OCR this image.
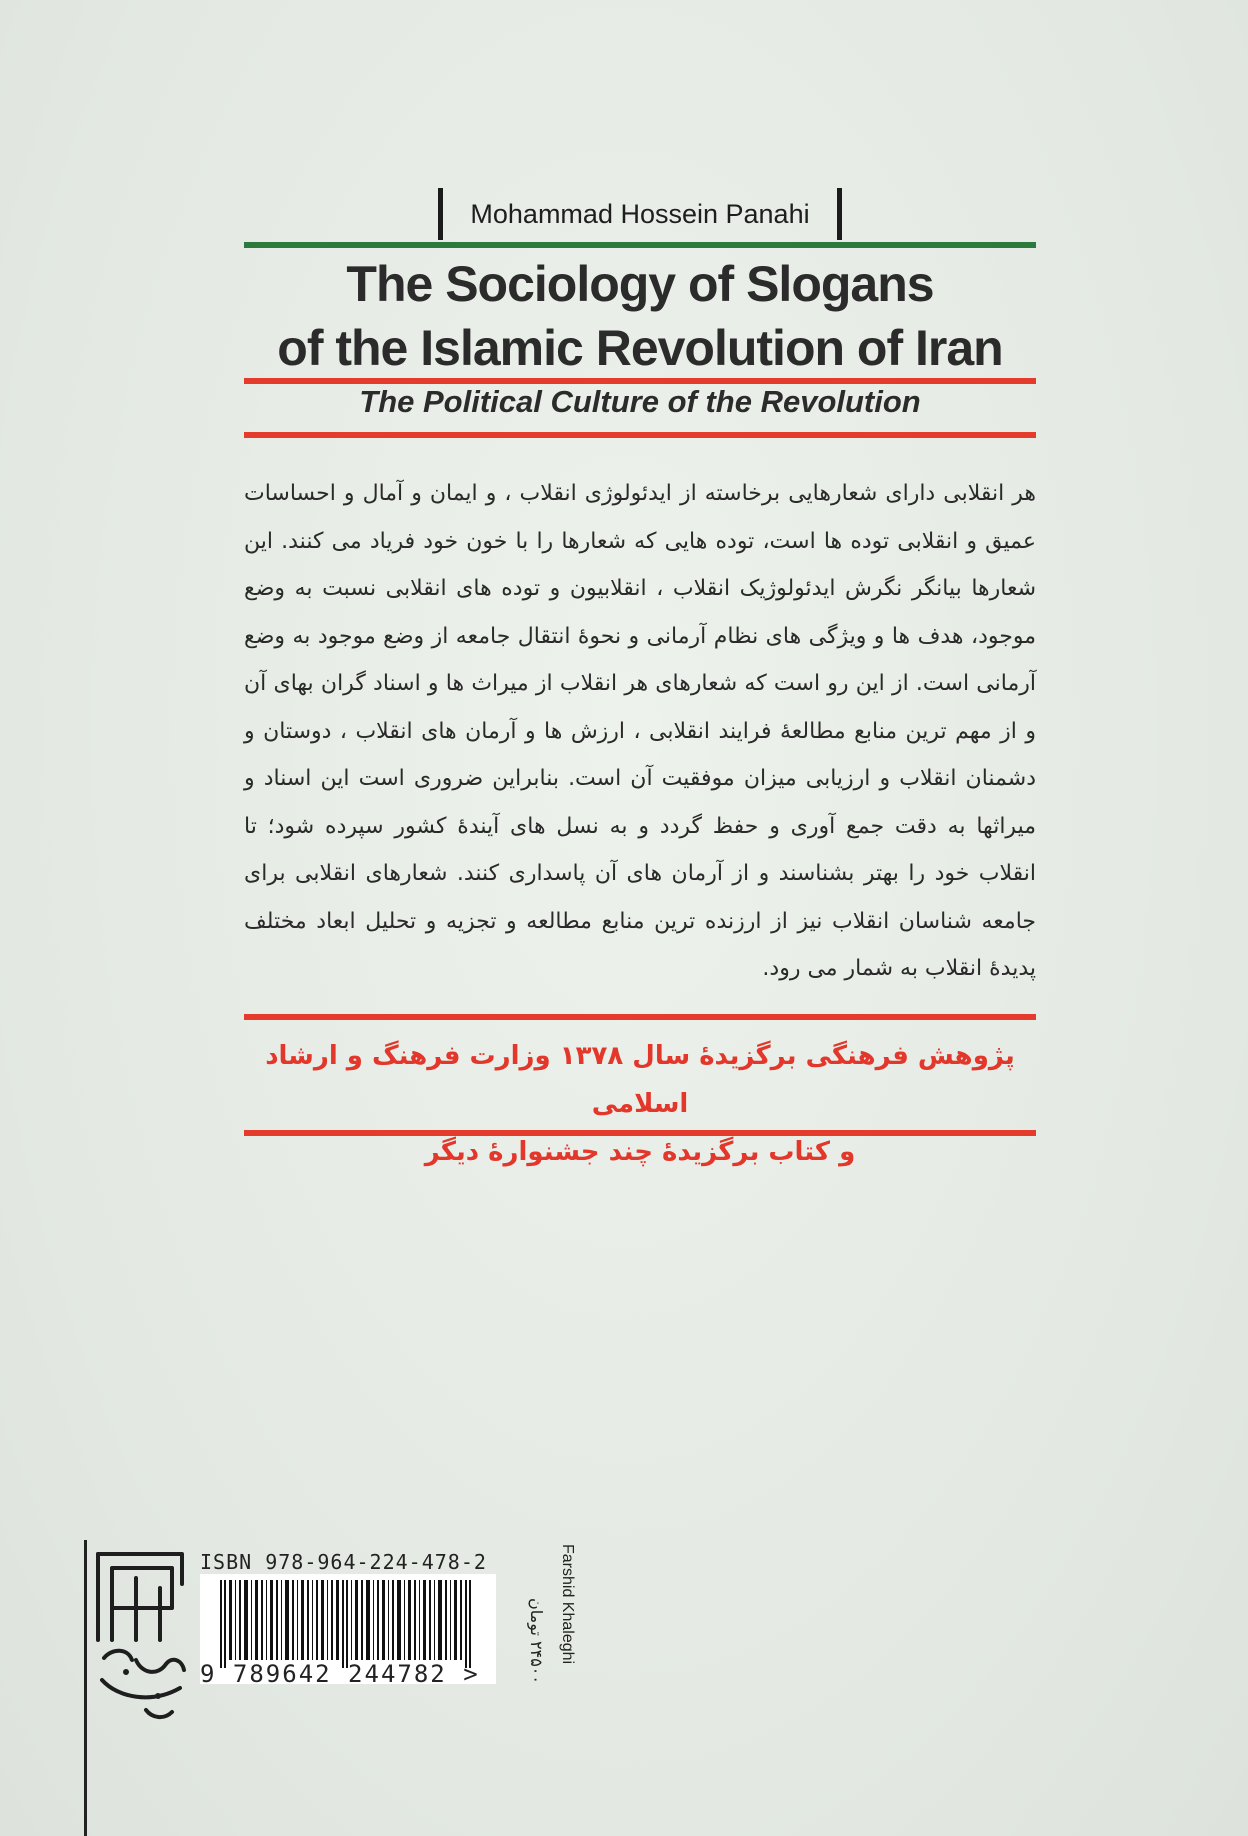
Mohammad Hossein Panahi
The Sociology of Slogans
of the Islamic Revolution of Iran
The Political Culture of the Revolution
هر انقلابی دارای شعارهایی برخاسته از ایدئولوژی انقلاب ، و ایمان و آمال و احساسات عمیق و انقلابی توده ها است، توده هایی که شعارها را با خون خود فریاد می کنند. این شعارها بیانگر نگرش ایدئولوژیک انقلاب ، انقلابیون و توده های انقلابی نسبت به وضع موجود، هدف ها و ویژگی های نظام آرمانی و نحوهٔ انتقال جامعه از وضع موجود به وضع آرمانی است. از این رو است که شعارهای هر انقلاب از میراث ها و اسناد گران بهای آن و از مهم ترین منابع مطالعهٔ فرایند انقلابی ، ارزش ها و آرمان های انقلاب ، دوستان و دشمنان انقلاب و ارزیابی میزان موفقیت آن است. بنابراین ضروری است این اسناد و میراثها به دقت جمع آوری و حفظ گردد و به نسل های آیندهٔ کشور سپرده شود؛ تا انقلاب خود را بهتر بشناسند و از آرمان های آن پاسداری کنند. شعارهای انقلابی برای جامعه شناسان انقلاب نیز از ارزنده ترین منابع مطالعه و تجزیه و تحلیل ابعاد مختلف پدیدهٔ انقلاب به شمار می رود.
پژوهش فرهنگی برگزیدهٔ سال ۱۳۷۸ وزارت فرهنگ و ارشاد اسلامی
و کتاب برگزیدهٔ چند جشنوارهٔ دیگر
ISBN 978-964-224-478-2
9 789642 244782 >
۲۴۵۰۰ تومان Farshid Khaleghi
